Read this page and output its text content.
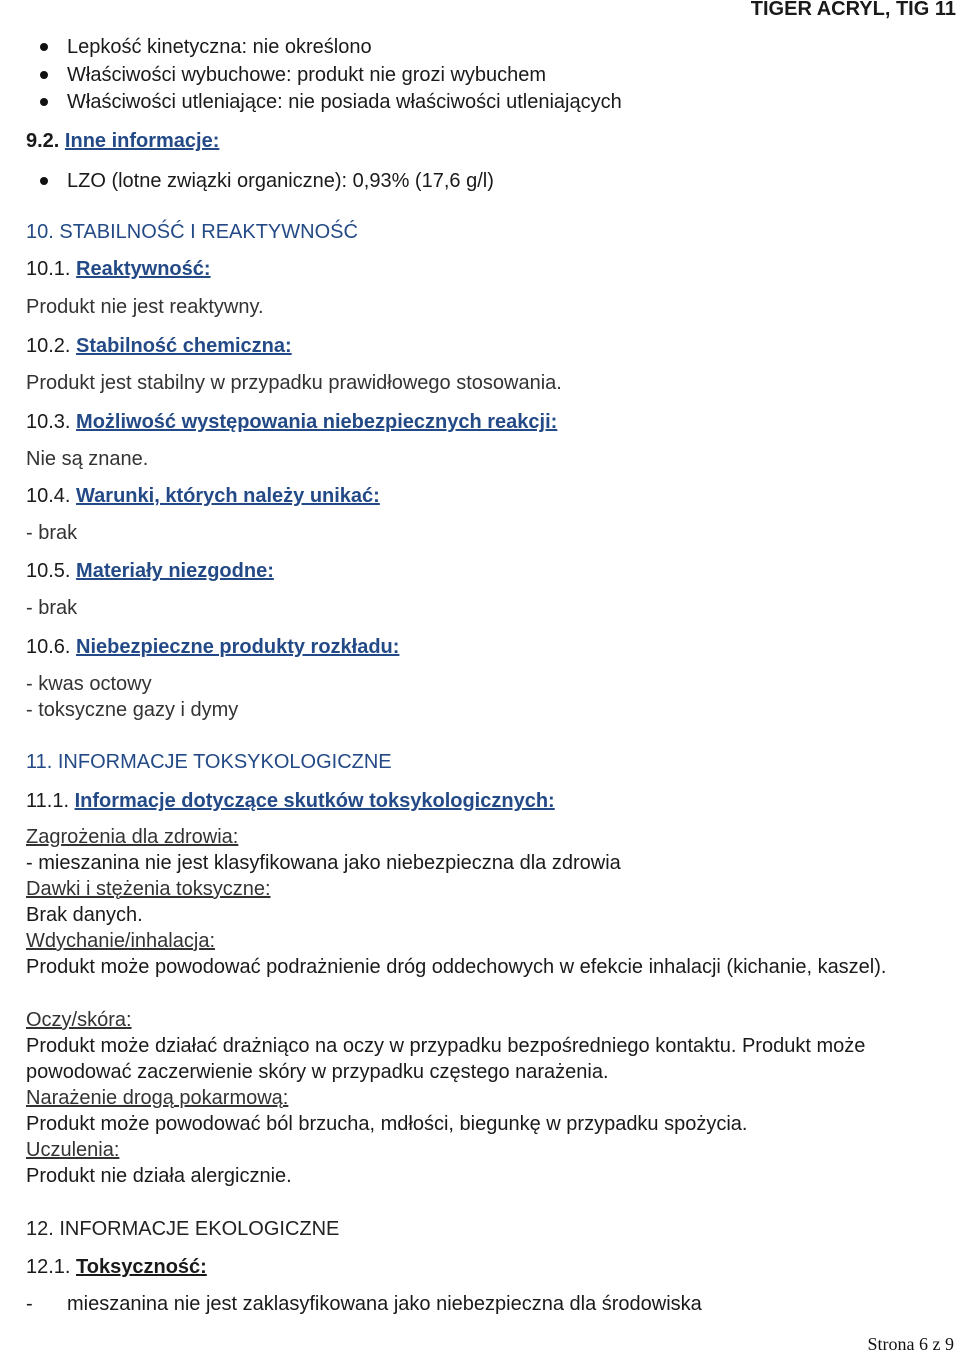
TIGER ACRYL, TIG 11
Lepkość kinetyczna: nie określono
Właściwości wybuchowe: produkt nie grozi wybuchem
Właściwości utleniające: nie posiada właściwości utleniających
9.2. Inne informacje:
LZO (lotne związki organiczne): 0,93% (17,6 g/l)
10. STABILNOŚĆ I REAKTYWNOŚĆ
10.1. Reaktywność:
Produkt nie jest reaktywny.
10.2. Stabilność chemiczna:
Produkt jest stabilny w przypadku prawidłowego stosowania.
10.3. Możliwość występowania niebezpiecznych reakcji:
Nie są znane.
10.4. Warunki, których należy unikać:
- brak
10.5. Materiały niezgodne:
- brak
10.6. Niebezpieczne produkty rozkładu:
- kwas octowy
- toksyczne gazy i dymy
11. INFORMACJE TOKSYKOLOGICZNE
11.1. Informacje dotyczące skutków toksykologicznych:
Zagrożenia dla zdrowia:
- mieszanina nie jest klasyfikowana jako niebezpieczna dla zdrowia
Dawki i stężenia toksyczne:
Brak danych.
Wdychanie/inhalacja:
Produkt może powodować podrażnienie dróg oddechowych w efekcie inhalacji (kichanie, kaszel).
Oczy/skóra:
Produkt może działać drażniąco na oczy w przypadku bezpośredniego kontaktu. Produkt może powodować zaczerwienie skóry w przypadku częstego narażenia.
Narażenie drogą pokarmową:
Produkt może powodować ból brzucha, mdłości, biegunkę w przypadku spożycia.
Uczulenia:
Produkt nie działa alergicznie.
12. INFORMACJE EKOLOGICZNE
12.1. Toksyczność:
- mieszanina nie jest zaklasyfikowana jako niebezpieczna dla środowiska
Strona 6 z 9
